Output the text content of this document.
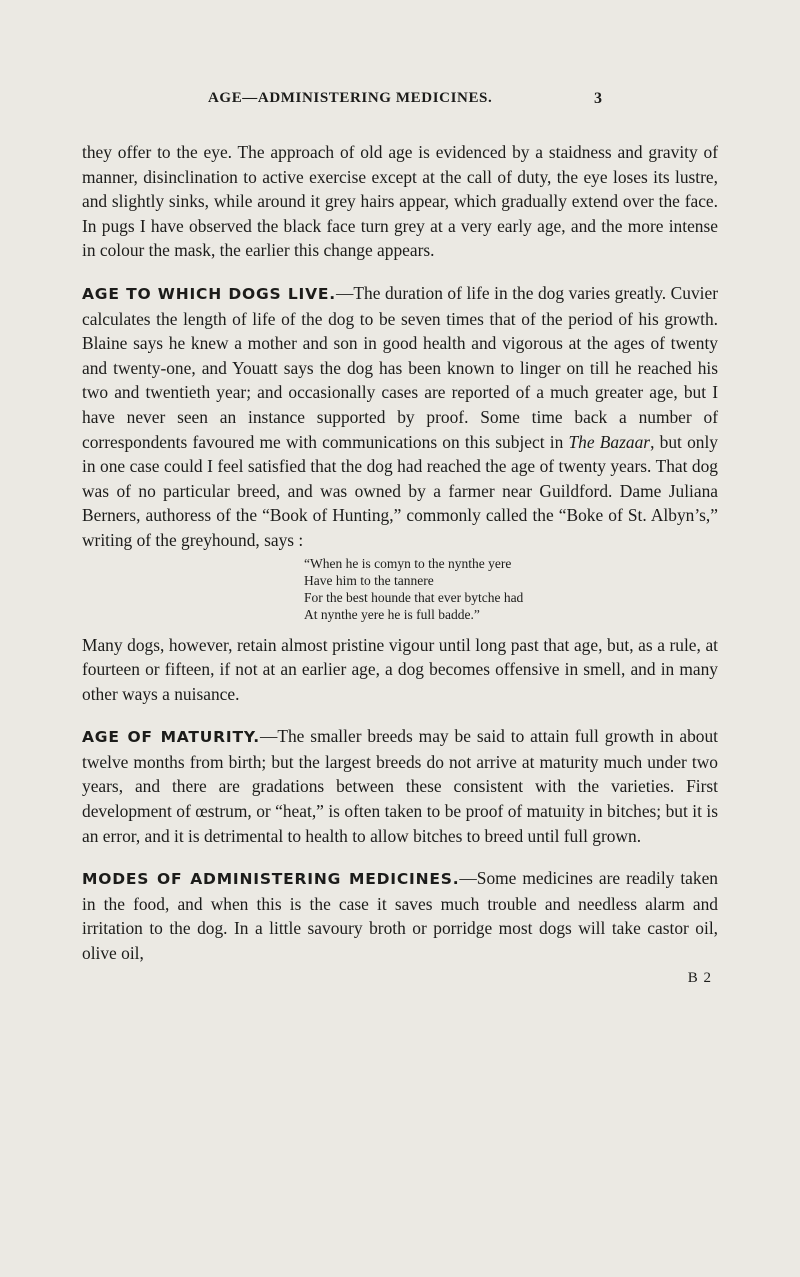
AGE—ADMINISTERING MEDICINES.	3

they offer to the eye. The approach of old age is evidenced by a staidness and gravity of manner, disinclination to active exercise except at the call of duty, the eye loses its lustre, and slightly sinks, while around it grey hairs appear, which gradually extend over the face. In pugs I have observed the black face turn grey at a very early age, and the more intense in colour the mask, the earlier this change appears.

AGE TO WHICH DOGS LIVE.—The duration of life in the dog varies greatly. Cuvier calculates the length of life of the dog to be seven times that of the period of his growth. Blaine says he knew a mother and son in good health and vigorous at the ages of twenty and twenty-one, and Youatt says the dog has been known to linger on till he reached his two and twentieth year; and occasionally cases are reported of a much greater age, but I have never seen an instance supported by proof. Some time back a number of correspondents favoured me with communications on this subject in The Bazaar, but only in one case could I feel satisfied that the dog had reached the age of twenty years. That dog was of no particular breed, and was owned by a farmer near Guildford. Dame Juliana Berners, authoress of the “Book of Hunting,” commonly called the “Boke of St. Albyn’s,” writing of the greyhound, says :

“When he is comyn to the nynthe yere
Have him to the tannere
For the best hounde that ever bytche had
At nynthe yere he is full badde.”

Many dogs, however, retain almost pristine vigour until long past that age, but, as a rule, at fourteen or fifteen, if not at an earlier age, a dog becomes offensive in smell, and in many other ways a nuisance.

AGE OF MATURITY.—The smaller breeds may be said to attain full growth in about twelve months from birth; but the largest breeds do not arrive at maturity much under two years, and there are gradations between these consistent with the varieties. First development of œstrum, or “heat,” is often taken to be proof of matuıity in bitches; but it is an error, and it is detrimental to health to allow bitches to breed until full grown.

MODES OF ADMINISTERING MEDICINES.—Some medicines are readily taken in the food, and when this is the case it saves much trouble and needless alarm and irritation to the dog. In a little savoury broth or porridge most dogs will take castor oil, olive oil,

B 2
